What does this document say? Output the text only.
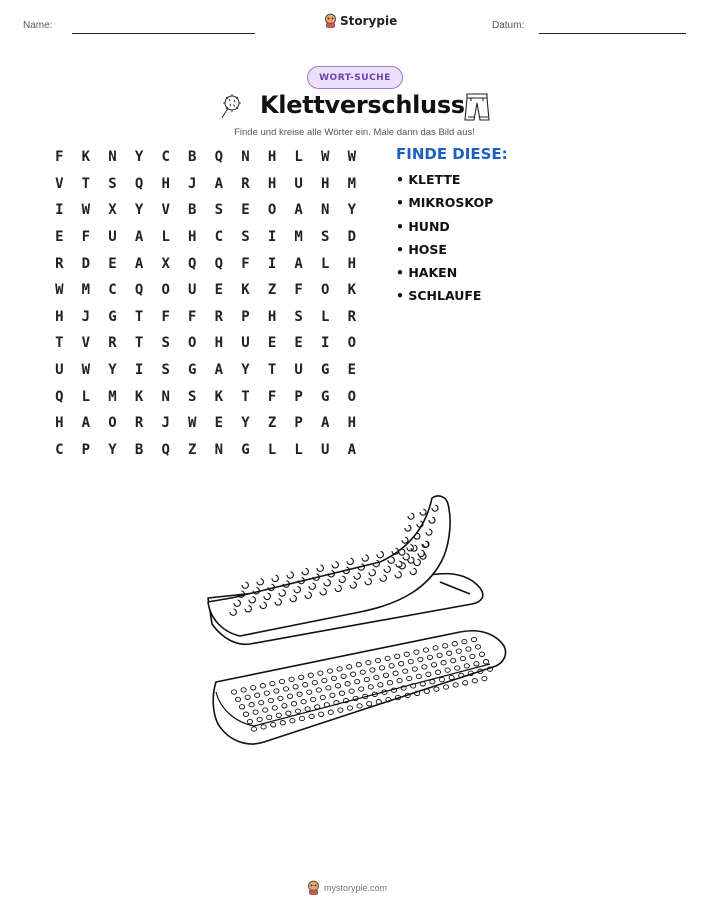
Name:	Storypie	Datum:
WORT-SUCHE
Klettverschluss
Finde und kreise alle Wörter ein. Male dann das Bild aus!
F	K	N	Y	C	B	Q	N	H	L	W	W
V	T	S	Q	H	J	A	R	H	U	H	M
I	W	X	Y	V	B	S	E	O	A	N	Y
E	F	U	A	L	H	C	S	I	M	S	D
R	D	E	A	X	Q	Q	F	I	A	L	H
W	M	C	Q	O	U	E	K	Z	F	O	K
H	J	G	T	F	F	R	P	H	S	L	R
T	V	R	T	S	O	H	U	E	E	I	O
U	W	Y	I	S	G	A	Y	T	U	G	E
Q	L	M	K	N	S	K	T	F	P	G	O
H	A	O	R	J	W	E	Y	Z	P	A	H
C	P	Y	B	Q	Z	N	G	L	L	U	A
FINDE DIESE:
• KLETTE
• MIKROSKOP
• HUND
• HOSE
• HAKEN
• SCHLAUFE
mystorypie.com
